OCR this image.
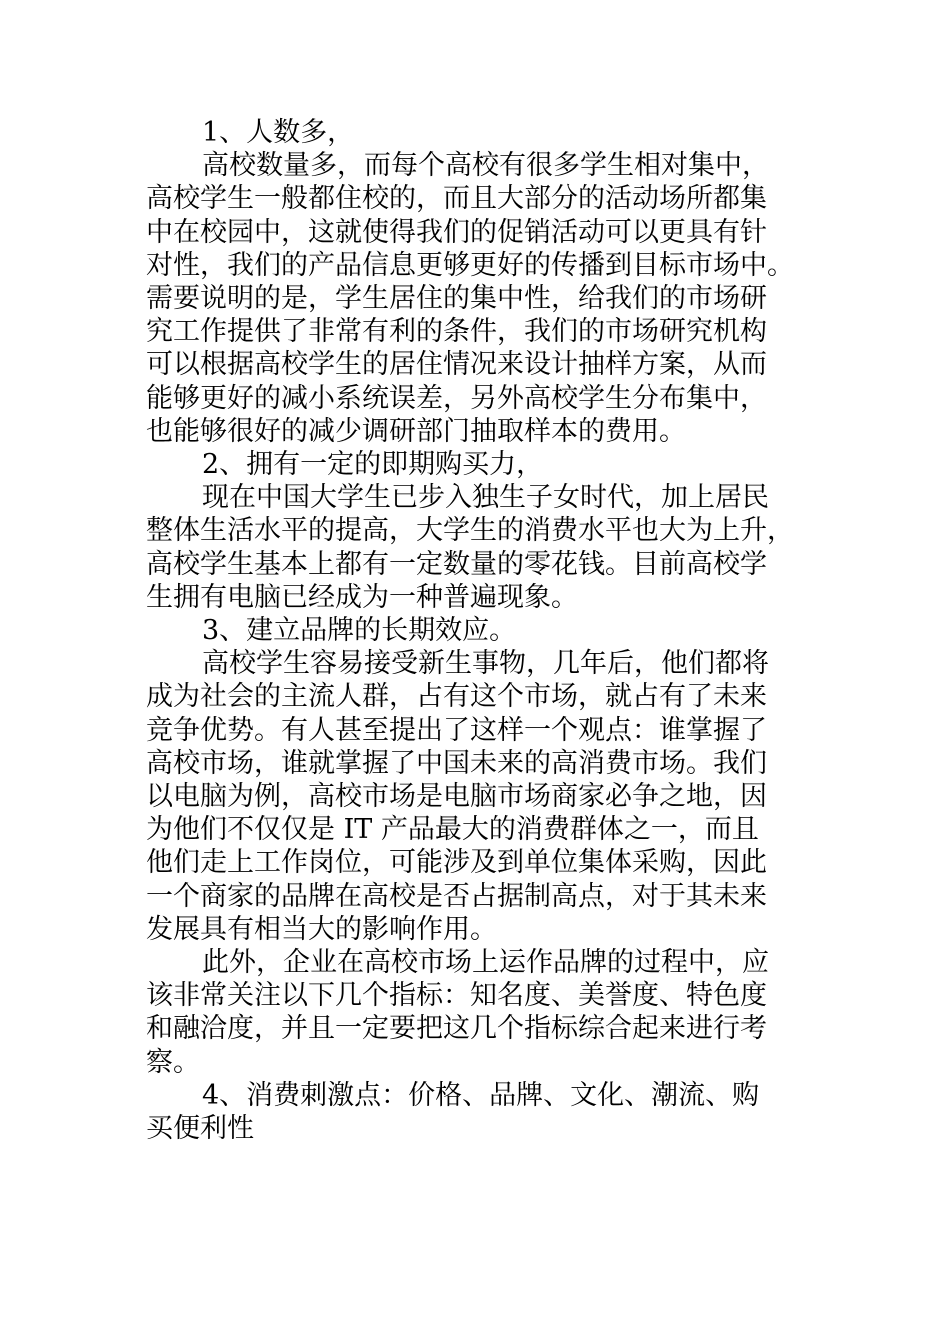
1、人数多，

高校数量多，而每个高校有很多学生相对集中，
高校学生一般都住校的，而且大部分的活动场所都集
中在校园中，这就使得我们的促销活动可以更具有针
对性，我们的产品信息更够更好的传播到目标市场中。
需要说明的是，学生居住的集中性，给我们的市场研
究工作提供了非常有利的条件，我们的市场研究机构
可以根据高校学生的居住情况来设计抽样方案，从而
能够更好的减小系统误差，另外高校学生分布集中，
也能够很好的减少调研部门抽取样本的费用。

2、拥有一定的即期购买力，

现在中国大学生已步入独生子女时代，加上居民
整体生活水平的提高，大学生的消费水平也大为上升，
高校学生基本上都有一定数量的零花钱。目前高校学
生拥有电脑已经成为一种普遍现象。

3、建立品牌的长期效应。

高校学生容易接受新生事物，几年后，他们都将
成为社会的主流人群，占有这个市场，就占有了未来
竞争优势。有人甚至提出了这样一个观点：谁掌握了
高校市场，谁就掌握了中国未来的高消费市场。我们
以电脑为例，高校市场是电脑市场商家必争之地，因
为他们不仅仅是 IT 产品最大的消费群体之一，而且
他们走上工作岗位，可能涉及到单位集体采购，因此
一个商家的品牌在高校是否占据制高点，对于其未来
发展具有相当大的影响作用。

此外，企业在高校市场上运作品牌的过程中，应
该非常关注以下几个指标：知名度、美誉度、特色度
和融洽度，并且一定要把这几个指标综合起来进行考
察。

4、消费刺激点：价格、品牌、文化、潮流、购
买便利性
